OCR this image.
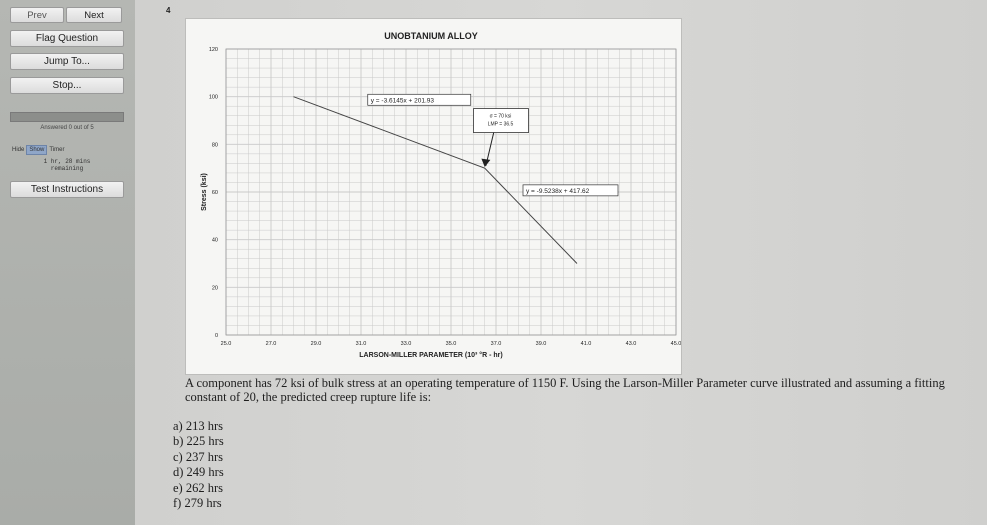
Prev	Next
Flag Question
Jump To...
Stop...
Answered 0 out of 5
Hide Show Timer
1 hr, 28 mins
remaining
Test Instructions
4
25.0	27.0	29.0	31.0	33.0	35.0	37.0	39.0	41.0	43.0	45.0
0
20
40
60
80
100
120
UNOBTANIUM ALLOY
LARSON-MILLER PARAMETER (10³ °R - hr)
Stress (ksi)
y = -3.6145x + 201.93
σ = 70 ksi
LMP = 36.5
y = -9.5238x + 417.62
A component has 72 ksi of bulk stress at an operating temperature of 1150 F. Using the Larson-Miller Parameter curve illustrated and assuming a fitting constant of 20, the predicted creep rupture life is:
a) 213 hrs
b) 225 hrs
c) 237 hrs
d) 249 hrs
e) 262 hrs
f) 279 hrs
